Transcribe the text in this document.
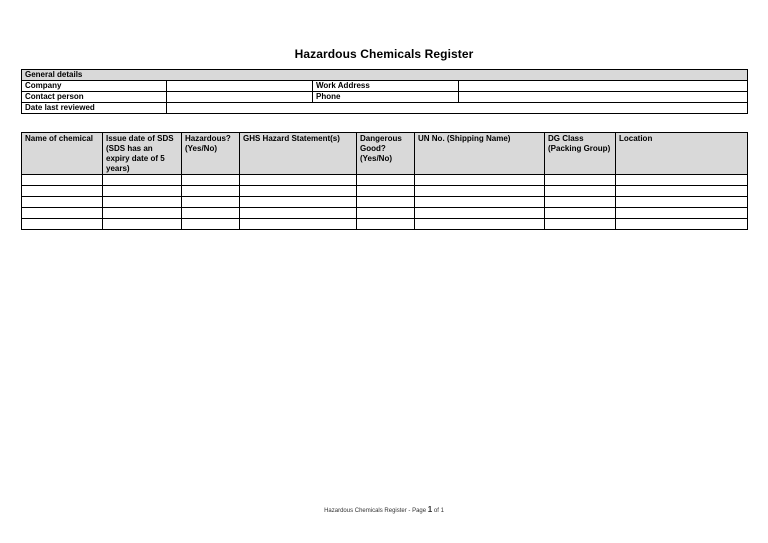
Hazardous Chemicals Register
General details			
Company		Work Address	
Contact person		Phone	
Date last reviewed			
Name of chemical	Issue date of SDS (SDS has an expiry date of 5 years)	Hazardous? (Yes/No)	GHS Hazard Statement(s)	Dangerous Good? (Yes/No)	UN No. (Shipping Name)	DG Class (Packing Group)	Location

Hazardous Chemicals Register - Page 1 of 1
